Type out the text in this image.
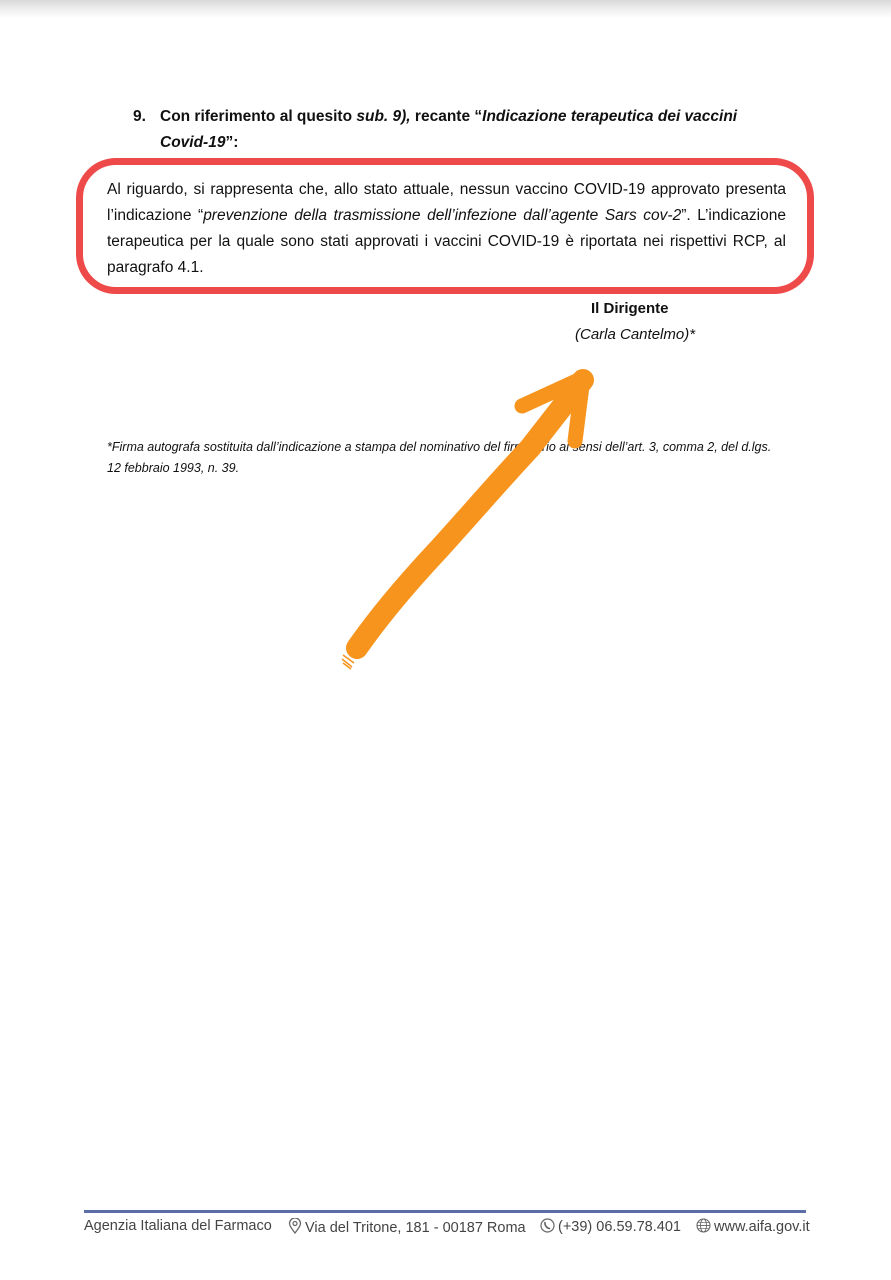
9. Con riferimento al quesito sub. 9), recante “Indicazione terapeutica dei vaccini Covid-19”:
Al riguardo, si rappresenta che, allo stato attuale, nessun vaccino COVID-19 approvato presenta l’indicazione “prevenzione della trasmissione dell’infezione dall’agente Sars cov-2”. L’indicazione terapeutica per la quale sono stati approvati i vaccini COVID-19 è riportata nei rispettivi RCP, al paragrafo 4.1.
Il Dirigente
(Carla Cantelmo)*
*Firma autografa sostituita dall’indicazione a stampa del nominativo del firmatario ai sensi dell’art. 3, comma 2, del d.lgs. 12 febbraio 1993, n. 39.
Agenzia Italiana del Farmaco	Via del Tritone, 181 - 00187 Roma	(+39) 06.59.78.401	www.aifa.gov.it
